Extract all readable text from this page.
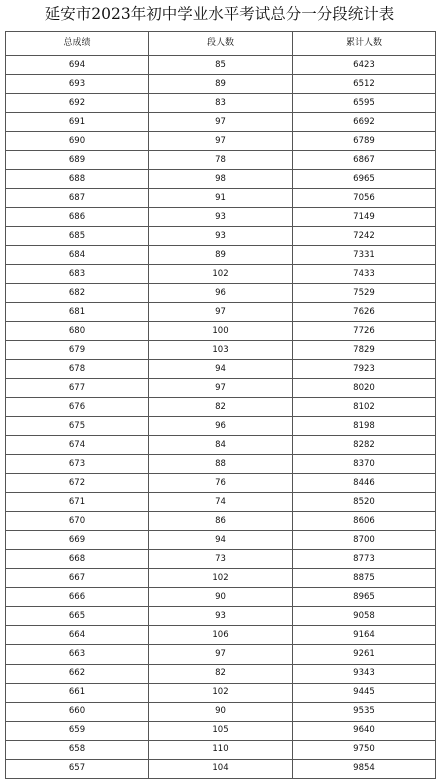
延安市2023年初中学业水平考试总分一分段统计表
总成绩	段人数	累计人数
694	85	6423
693	89	6512
692	83	6595
691	97	6692
690	97	6789
689	78	6867
688	98	6965
687	91	7056
686	93	7149
685	93	7242
684	89	7331
683	102	7433
682	96	7529
681	97	7626
680	100	7726
679	103	7829
678	94	7923
677	97	8020
676	82	8102
675	96	8198
674	84	8282
673	88	8370
672	76	8446
671	74	8520
670	86	8606
669	94	8700
668	73	8773
667	102	8875
666	90	8965
665	93	9058
664	106	9164
663	97	9261
662	82	9343
661	102	9445
660	90	9535
659	105	9640
658	110	9750
657	104	9854
